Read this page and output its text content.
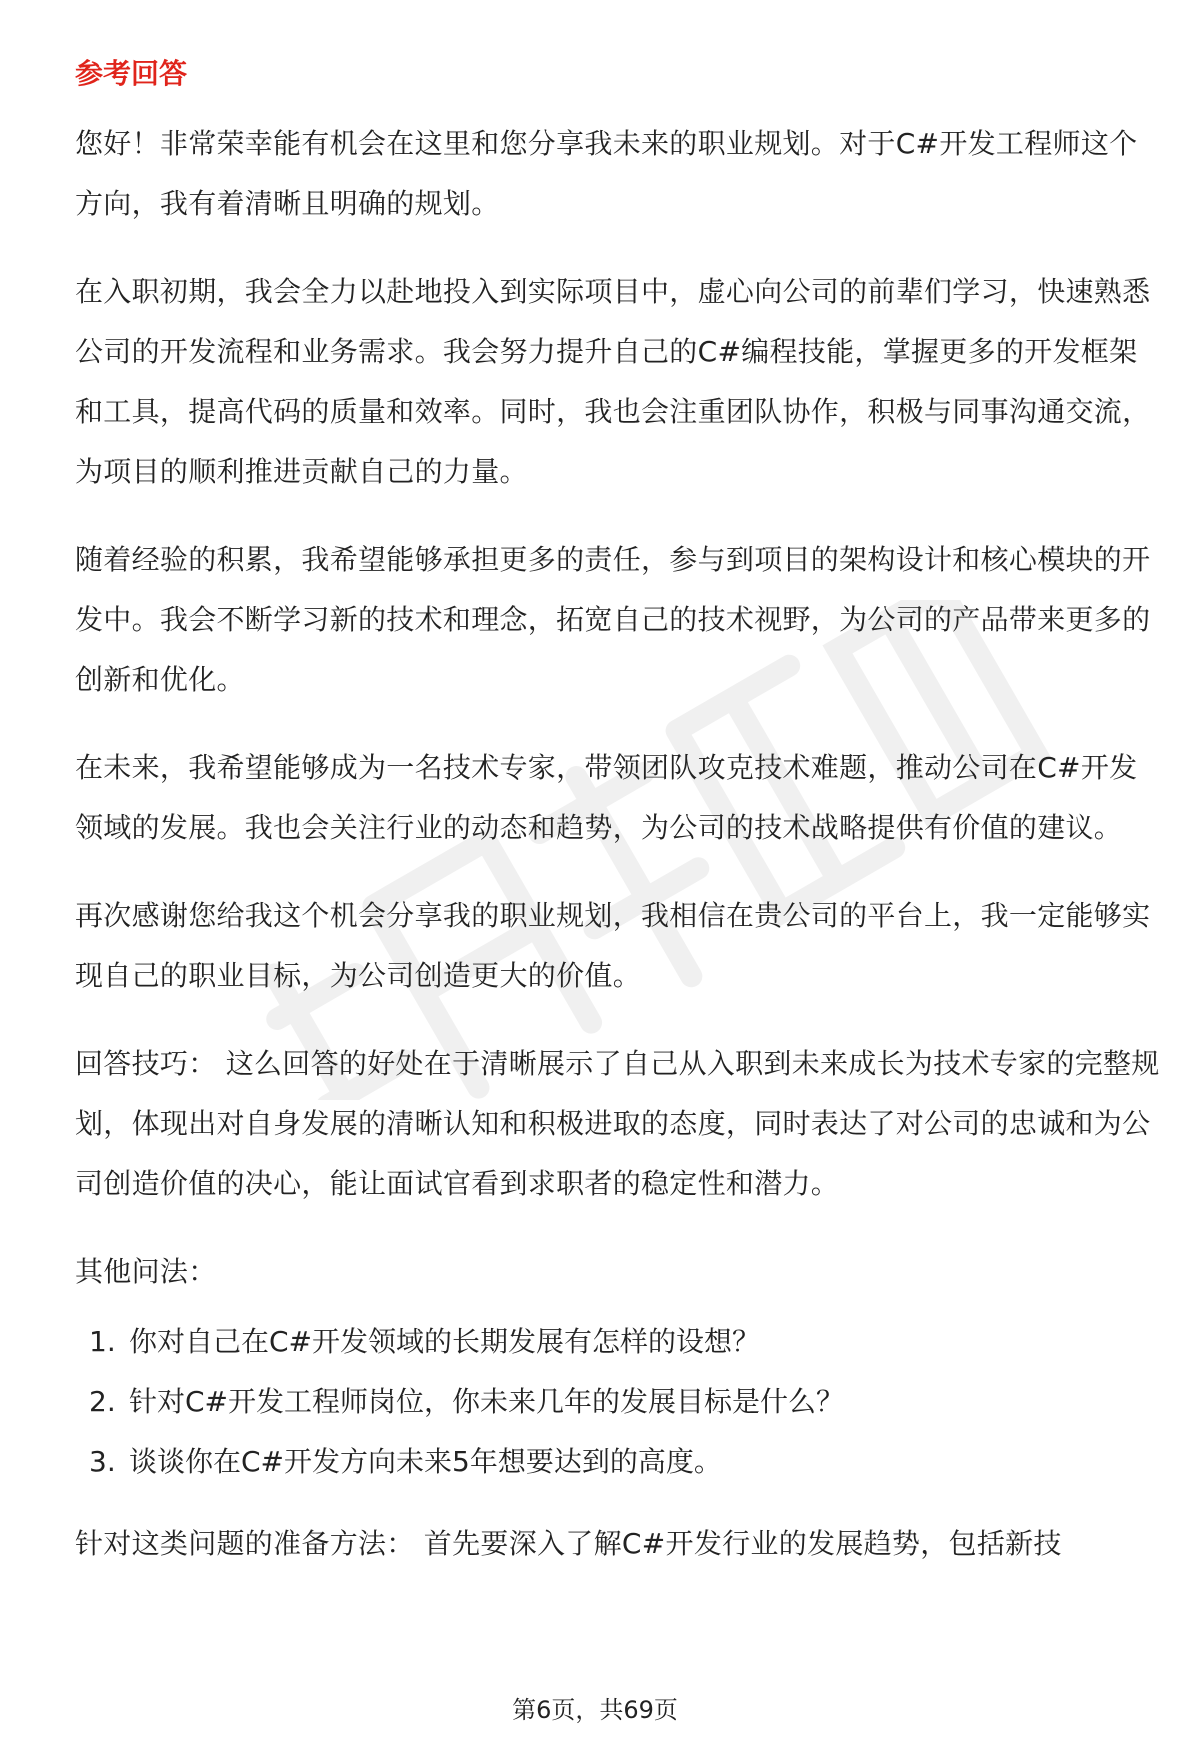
参考回答

您好！非常荣幸能有机会在这里和您分享我未来的职业规划。对于C#开发工程师这个方向，我有着清晰且明确的规划。

在入职初期，我会全力以赴地投入到实际项目中，虚心向公司的前辈们学习，快速熟悉公司的开发流程和业务需求。我会努力提升自己的C#编程技能，掌握更多的开发框架和工具，提高代码的质量和效率。同时，我也会注重团队协作，积极与同事沟通交流，为项目的顺利推进贡献自己的力量。

随着经验的积累，我希望能够承担更多的责任，参与到项目的架构设计和核心模块的开发中。我会不断学习新的技术和理念，拓宽自己的技术视野，为公司的产品带来更多的创新和优化。

在未来，我希望能够成为一名技术专家，带领团队攻克技术难题，推动公司在C#开发领域的发展。我也会关注行业的动态和趋势，为公司的技术战略提供有价值的建议。

再次感谢您给我这个机会分享我的职业规划，我相信在贵公司的平台上，我一定能够实现自己的职业目标，为公司创造更大的价值。

回答技巧： 这么回答的好处在于清晰展示了自己从入职到未来成长为技术专家的完整规划，体现出对自身发展的清晰认知和积极进取的态度，同时表达了对公司的忠诚和为公司创造价值的决心，能让面试官看到求职者的稳定性和潜力。

其他问法：

1. 你对自己在C#开发领域的长期发展有怎样的设想？
2. 针对C#开发工程师岗位，你未来几年的发展目标是什么？
3. 谈谈你在C#开发方向未来5年想要达到的高度。

针对这类问题的准备方法： 首先要深入了解C#开发行业的发展趋势，包括新技

第6页，共69页
